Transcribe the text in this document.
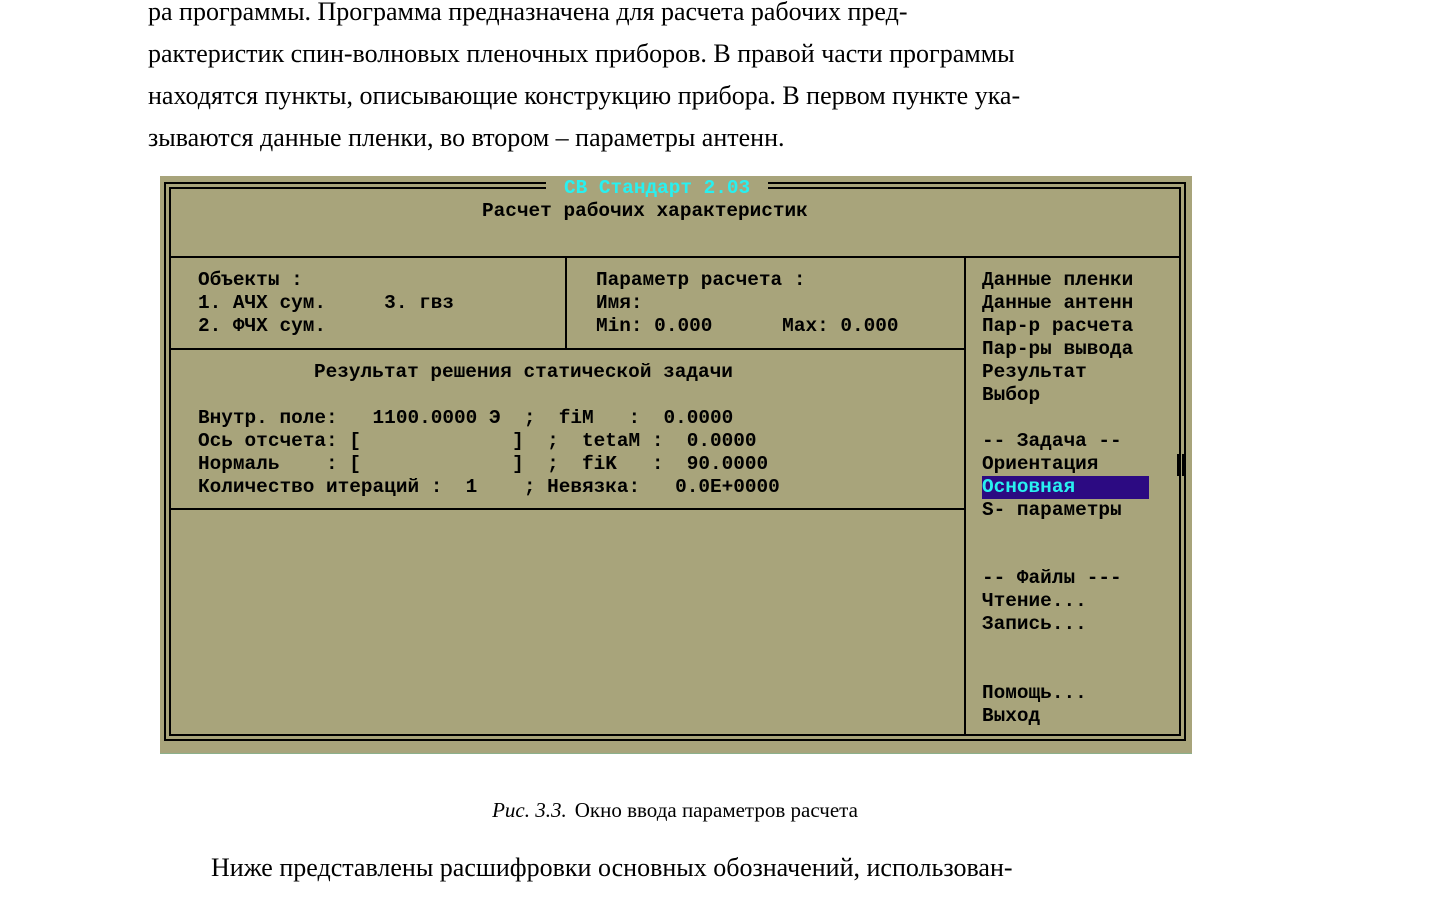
ра программы. Программа предназначена для расчета рабочих пред-
рактеристик спин-волновых пленочных приборов. В правой части программы
находятся пункты, описывающие конструкцию прибора. В первом пункте ука-
зываются данные пленки, во втором – параметры антенн.
СВ Стандарт 2.03
Расчет рабочих характеристик
Объекты :
1. АЧХ сум.     3. гвз
2. ФЧХ сум.
Параметр расчета :
Имя:
Min: 0.000      Max: 0.000
Результат решения статической задачи
Внутр. поле:   1100.0000 Э  ;  fiM   :  0.0000
Ось отсчета: [             ]  ;  tetaM :  0.0000
Нормаль    : [             ]  ;  fiK   :  90.0000
Количество итераций :  1    ; Невязка:   0.0E+0000
Данные пленки
Данные антенн
Пар-р расчета
Пар-ры вывода
Результат
Выбор
-- Задача --
Ориентация
Основная
S- параметры
-- Файлы ---
Чтение...
Запись...
Помощь...
Выход
Рис. 3.3. Окно ввода параметров расчета
Ниже представлены расшифровки основных обозначений, использован-
